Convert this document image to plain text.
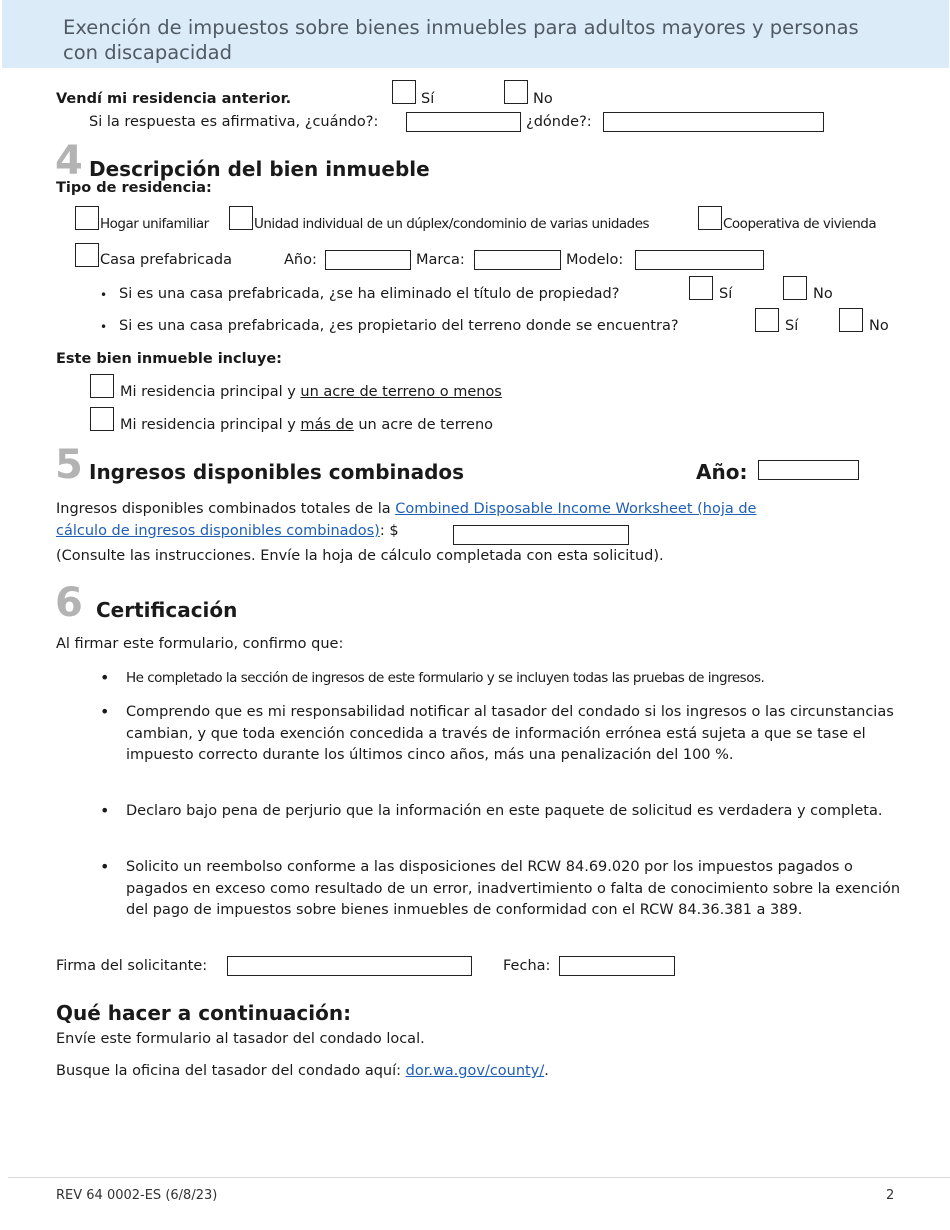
Exención de impuestos sobre bienes inmuebles para adultos mayores y personas con discapacidad
Vendí mi residencia anterior.	Sí	No
Si la respuesta es afirmativa, ¿cuándo?:	¿dónde?:
4 Descripción del bien inmueble
Tipo de residencia:
Hogar unifamiliar	Unidad individual de un dúplex/condominio de varias unidades	Cooperativa de vivienda
Casa prefabricada	Año:	Marca:	Modelo:
• Si es una casa prefabricada, ¿se ha eliminado el título de propiedad?	Sí	No
• Si es una casa prefabricada, ¿es propietario del terreno donde se encuentra?	Sí	No
Este bien inmueble incluye:
Mi residencia principal y un acre de terreno o menos
Mi residencia principal y más de un acre de terreno
5 Ingresos disponibles combinados	Año:
Ingresos disponibles combinados totales de la Combined Disposable Income Worksheet (hoja de
cálculo de ingresos disponibles combinados): $
(Consulte las instrucciones. Envíe la hoja de cálculo completada con esta solicitud).
6 Certificación
Al firmar este formulario, confirmo que:
• He completado la sección de ingresos de este formulario y se incluyen todas las pruebas de ingresos.
• Comprendo que es mi responsabilidad notificar al tasador del condado si los ingresos o las circunstancias cambian, y que toda exención concedida a través de información errónea está sujeta a que se tase el impuesto correcto durante los últimos cinco años, más una penalización del 100 %.
• Declaro bajo pena de perjurio que la información en este paquete de solicitud es verdadera y completa.
• Solicito un reembolso conforme a las disposiciones del RCW 84.69.020 por los impuestos pagados o pagados en exceso como resultado de un error, inadvertimiento o falta de conocimiento sobre la exención del pago de impuestos sobre bienes inmuebles de conformidad con el RCW 84.36.381 a 389.
Firma del solicitante:	Fecha:
Qué hacer a continuación:
Envíe este formulario al tasador del condado local.
Busque la oficina del tasador del condado aquí: dor.wa.gov/county/.
REV 64 0002-ES (6/8/23)	2
